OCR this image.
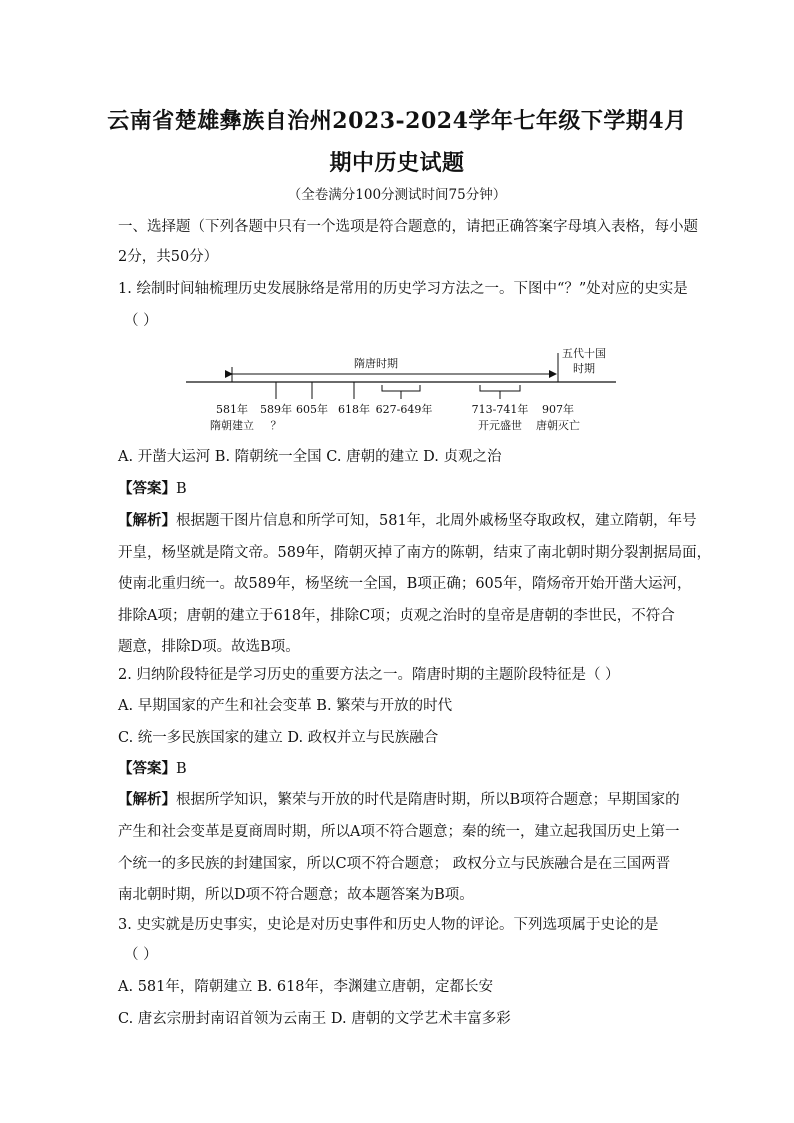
云南省楚雄彝族自治州2023-2024学年七年级下学期4月
期中历史试题
（全卷满分100分测试时间75分钟）
一、选择题（下列各题中只有一个选项是符合题意的，请把正确答案字母填入表格，每小题
2分，共50分）
1. 绘制时间轴梳理历史发展脉络是常用的历史学习方法之一。下图中“？”处对应的史实是
（ ）
隋唐时期
五代十国
时期
581年 589年 605年 618年 627-649年	713-741年 907年
隋朝建立 ？	开元盛世 唐朝灭亡
A. 开凿大运河 B. 隋朝统一全国 C. 唐朝的建立 D. 贞观之治
【答案】B
【解析】根据题干图片信息和所学可知，581年，北周外戚杨坚夺取政权，建立隋朝，年号
开皇，杨坚就是隋文帝。589年，隋朝灭掉了南方的陈朝，结束了南北朝时期分裂割据局面，
使南北重归统一。故589年，杨坚统一全国，B项正确；605年，隋炀帝开始开凿大运河，
排除A项；唐朝的建立于618年，排除C项；贞观之治时的皇帝是唐朝的李世民，不符合
题意，排除D项。故选B项。
2. 归纳阶段特征是学习历史的重要方法之一。隋唐时期的主题阶段特征是（ ）
A. 早期国家的产生和社会变革 B. 繁荣与开放的时代
C. 统一多民族国家的建立 D. 政权并立与民族融合
【答案】B
【解析】根据所学知识，繁荣与开放的时代是隋唐时期，所以B项符合题意；早期国家的
产生和社会变革是夏商周时期，所以A项不符合题意；秦的统一，建立起我国历史上第一
个统一的多民族的封建国家，所以C项不符合题意； 政权分立与民族融合是在三国两晋
南北朝时期，所以D项不符合题意；故本题答案为B项。
3. 史实就是历史事实，史论是对历史事件和历史人物的评论。下列选项属于史论的是
（ ）
A. 581年，隋朝建立 B. 618年，李渊建立唐朝，定都长安
C. 唐玄宗册封南诏首领为云南王 D. 唐朝的文学艺术丰富多彩
